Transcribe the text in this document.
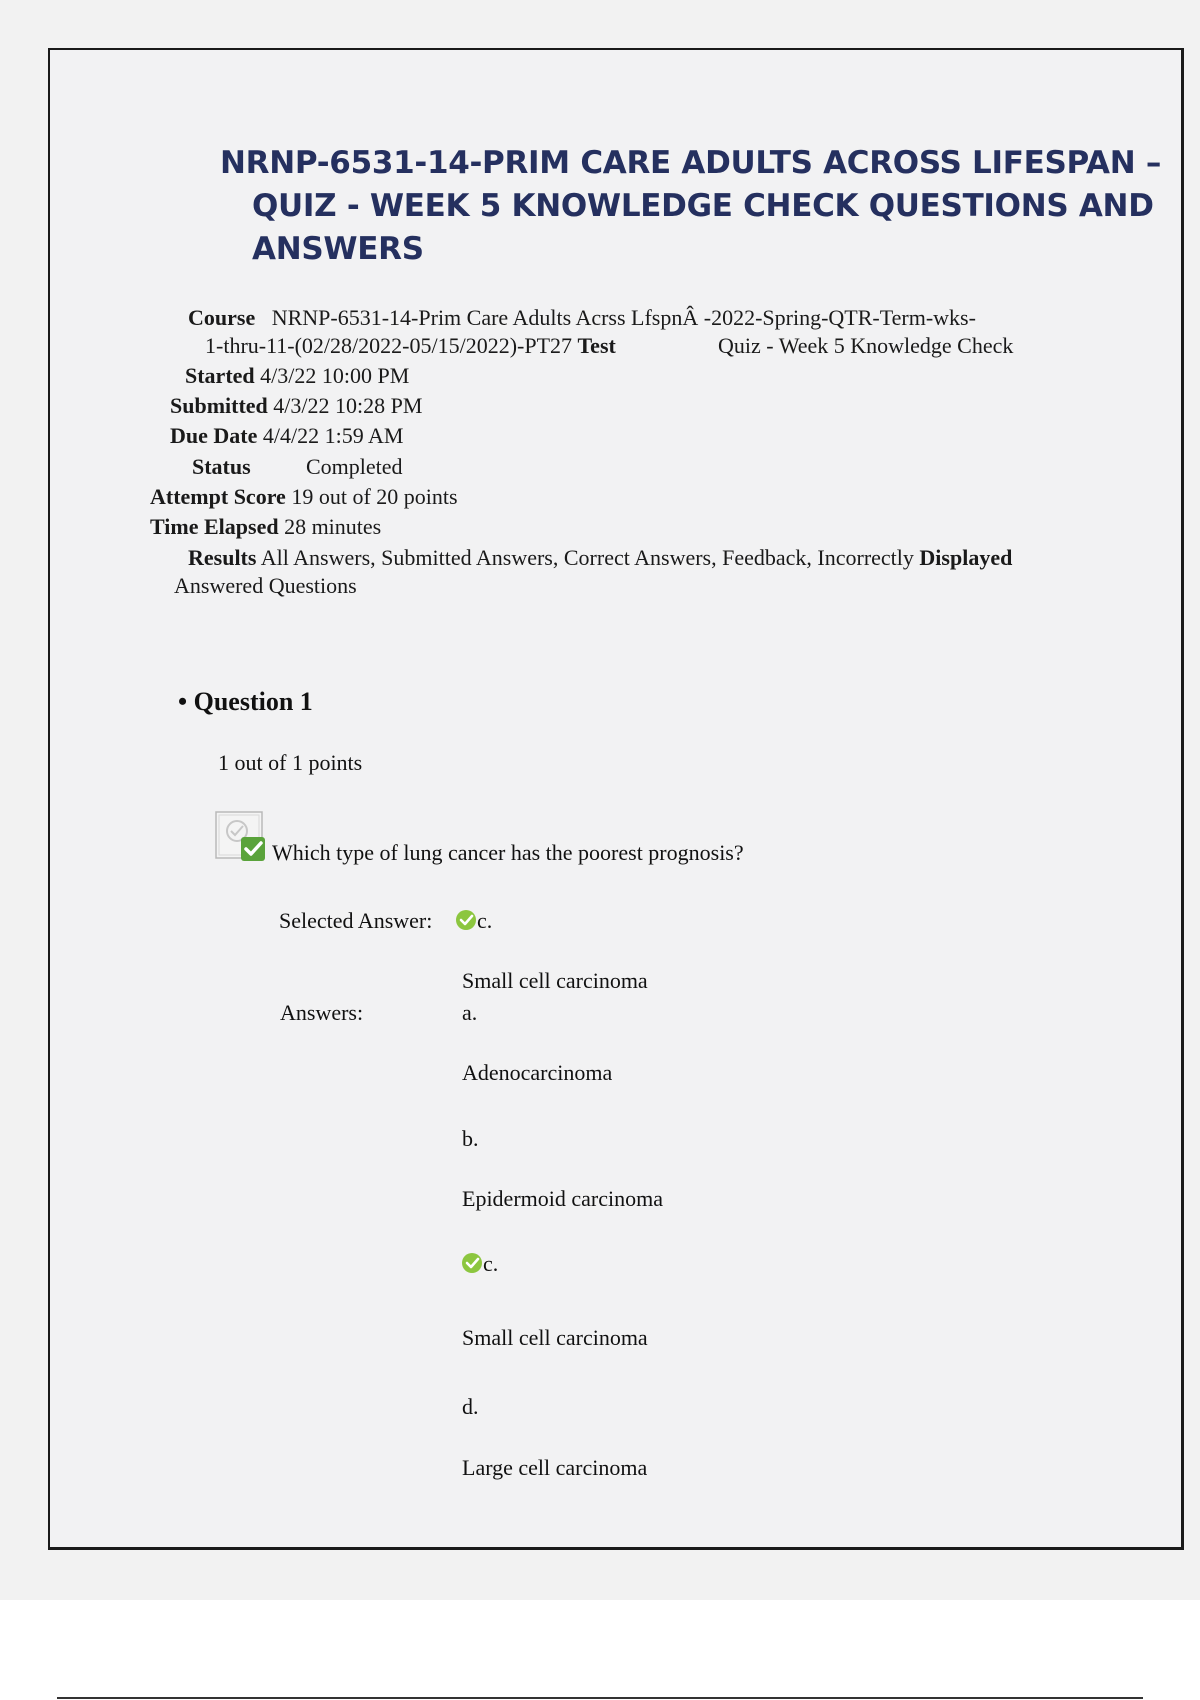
NRNP-6531-14-PRIM CARE ADULTS ACROSS LIFESPAN –
QUIZ - WEEK 5 KNOWLEDGE CHECK QUESTIONS AND
ANSWERS
Course NRNP-6531-14-Prim Care Adults Acrss LfspnÂ -2022-Spring-QTR-Term-wks-
1-thru-11-(02/28/2022-05/15/2022)-PT27 Test	Quiz - Week 5 Knowledge Check
Started 4/3/22 10:00 PM
Submitted 4/3/22 10:28 PM
Due Date 4/4/22 1:59 AM
Status	Completed
Attempt Score 19 out of 20 points
Time Elapsed 28 minutes
Results All Answers, Submitted Answers, Correct Answers, Feedback, Incorrectly Displayed
Answered Questions
• Question 1
1 out of 1 points
Which type of lung cancer has the poorest prognosis?
Selected Answer:	c.
Small cell carcinoma
Answers:	a.
Adenocarcinoma
b.
Epidermoid carcinoma
c.
Small cell carcinoma
d.
Large cell carcinoma
